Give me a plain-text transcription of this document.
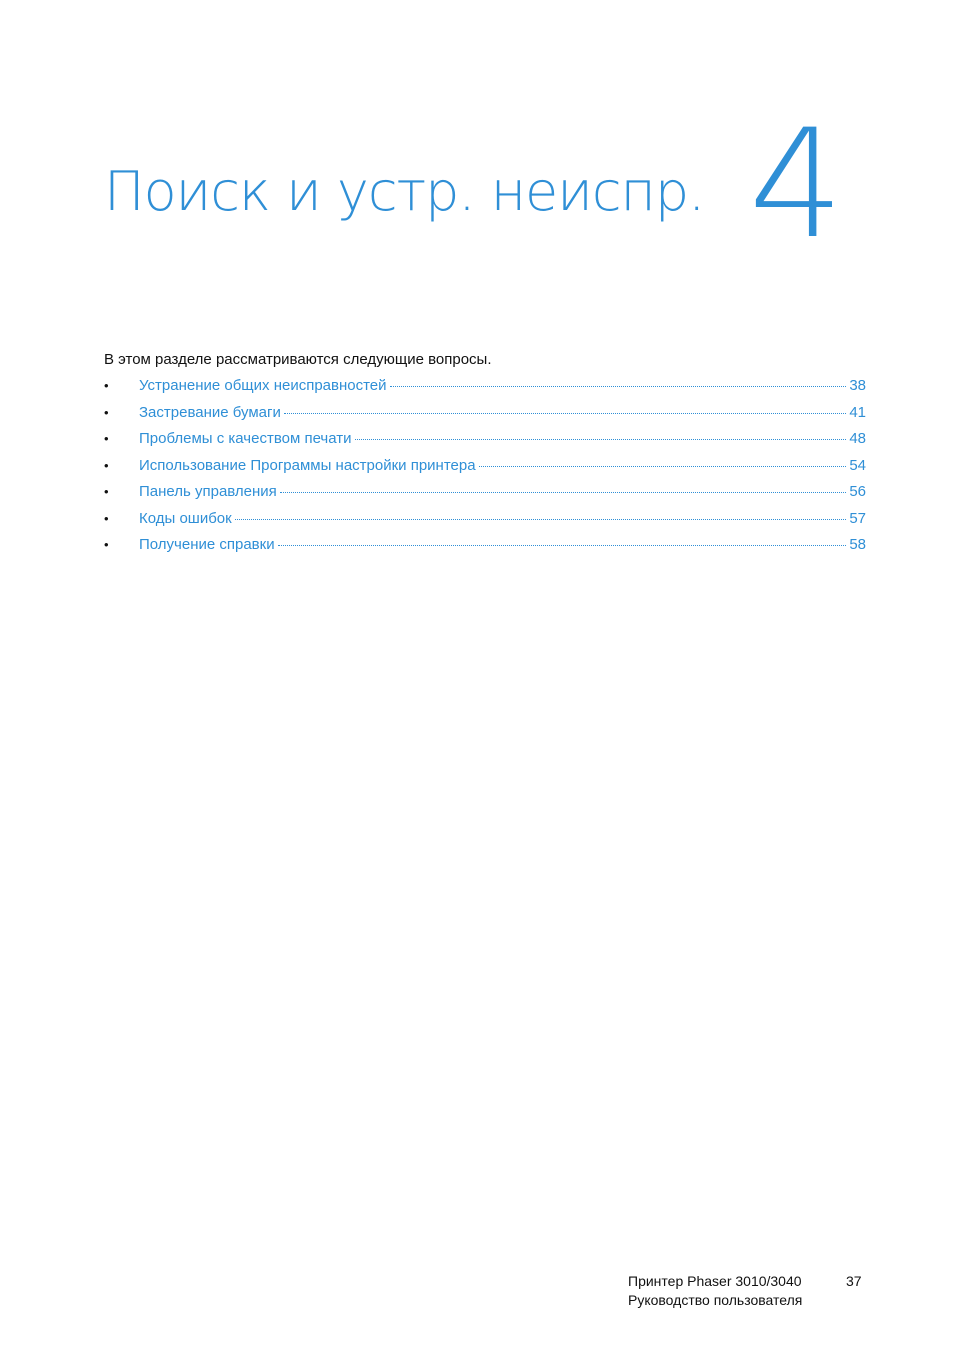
Поиск и устр. неиспр. 4
В этом разделе рассматриваются следующие вопросы.
•	Устранение общих неисправностей	38
•	Застревание бумаги	41
•	Проблемы с качеством печати	48
•	Использование Программы настройки принтера	54
•	Панель управления	56
•	Коды ошибок	57
•	Получение справки	58
Принтер Phaser 3010/3040
Руководство пользователя
37
